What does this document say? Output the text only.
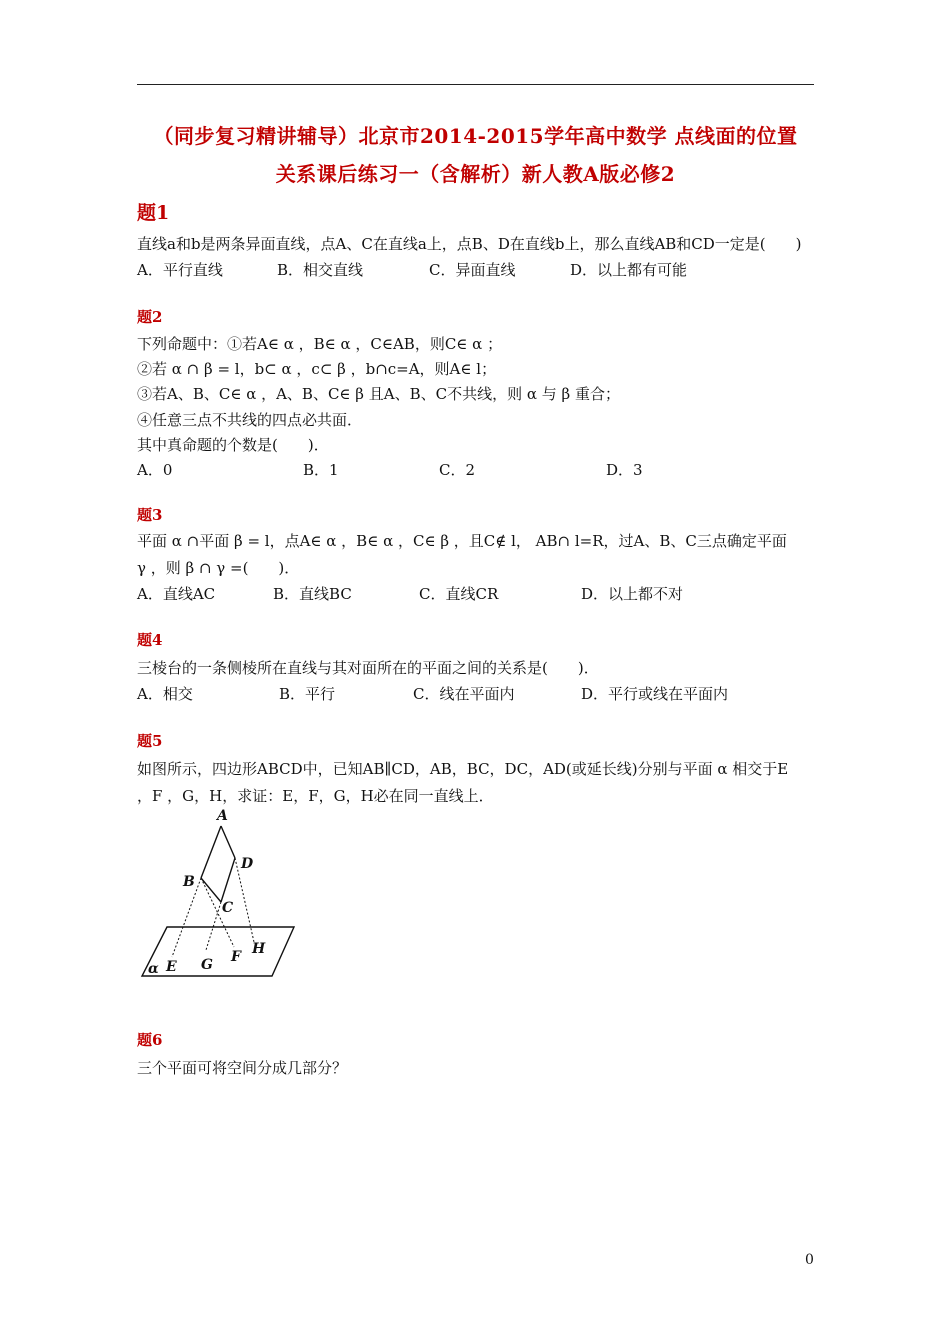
（同步复习精讲辅导）北京市2014-2015学年高中数学 点线面的位置
关系课后练习一（含解析）新人教A版必修2
题1
直线a和b是两条异面直线，点A、C在直线a上，点B、D在直线b上，那么直线AB和CD一定是(　　)
A．平行直线	B．相交直线	C．异面直线	D．以上都有可能
题2
下列命题中：①若A∈ α ，B∈ α ，C∈AB，则C∈ α ；
②若 α ∩ β = l，b⊂ α ，c⊂ β ，b∩c=A，则A∈ l；
③若A、B、C∈ α ，A、B、C∈ β 且A、B、C不共线，则 α 与 β 重合；
④任意三点不共线的四点必共面．
其中真命题的个数是(　　)．
A．0	B．1	C．2	D．3
题3
平面 α ∩平面 β = l，点A∈ α ，B∈ α ，C∈ β ，且C∉ l， AB∩ l=R，过A、B、C三点确定平面
γ ，则 β ∩ γ =(　　)．
A．直线AC	B．直线BC	C．直线CR	D．以上都不对
题4
三棱台的一条侧棱所在直线与其对面所在的平面之间的关系是(　　)．
A．相交	B．平行	C．线在平面内	D．平行或线在平面内
题5
如图所示，四边形ABCD中，已知AB∥CD，AB，BC，DC，AD(或延长线)分别与平面 α 相交于E
，F ，G，H，求证：E，F，G，H必在同一直线上．
A
B
C
D
E
F
G
H
α
题6
三个平面可将空间分成几部分？
0
